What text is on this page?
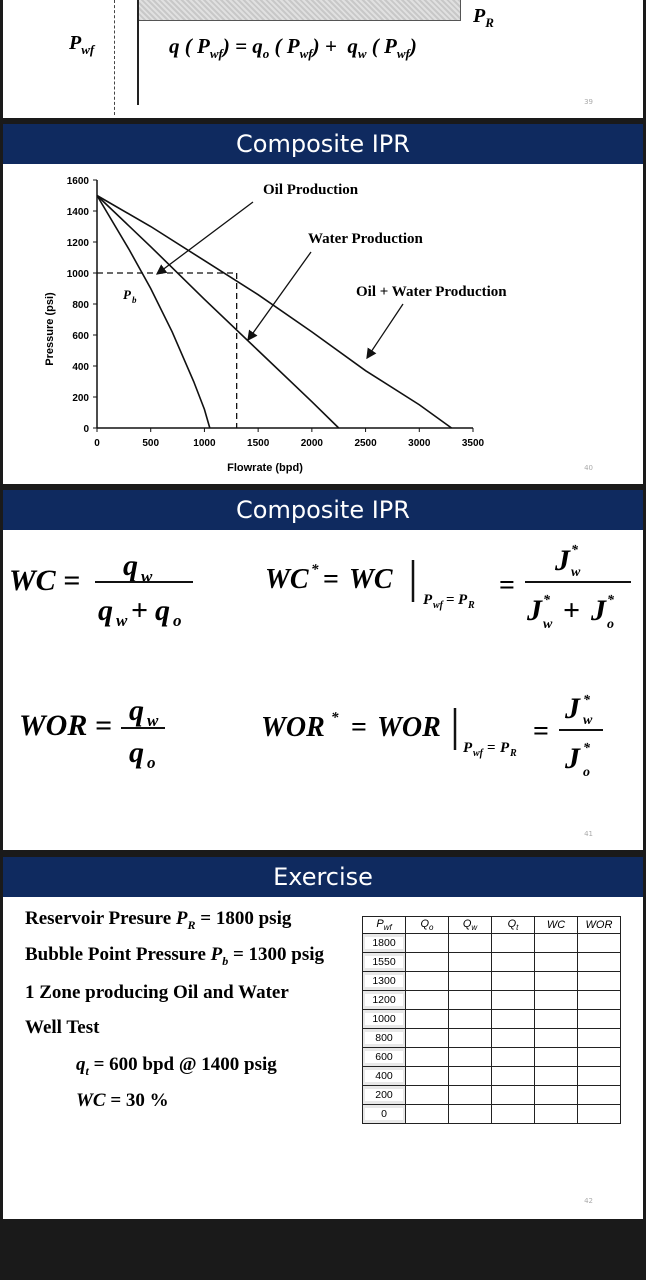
$P_R$
$P_{wf}$	q ( $P_{wf}) = q_o$ ( $P_{wf}) + q_w$ ( $P_{wf}$)
39
Composite IPR
0
200
400
600
800
1000
1200
1400
1600
0	500	1000	1500	2000	2500	3000	3500
Flowrate (bpd)
Pressure (psi)	P b
Oil Production
Water Production
Oil + Water Production
40
Composite IPR
WC = q w
q w + q o
WC * = WC
P wf = P R
=
J *
w
J *
w + J *
o
WOR = q w
q o
WOR * = WOR
P wf = P R
=
J *
w
J *
o
41
Exercise
Reservoir Presure $P_R = 1800$ psig
Bubble Point Pressure $P_b = 1300$ psig
1 Zone producing Oil and Water
Well Test
$q_t = 600$ bpd @ 1400 psig
WC = 30 %
$P_{wf}$	$Q_o$	$Q_w$	$Q_t$	WC	WOR

1800					

1550					

1300					

1200					

1000					

800					

600					

400					

200					

0					

42
